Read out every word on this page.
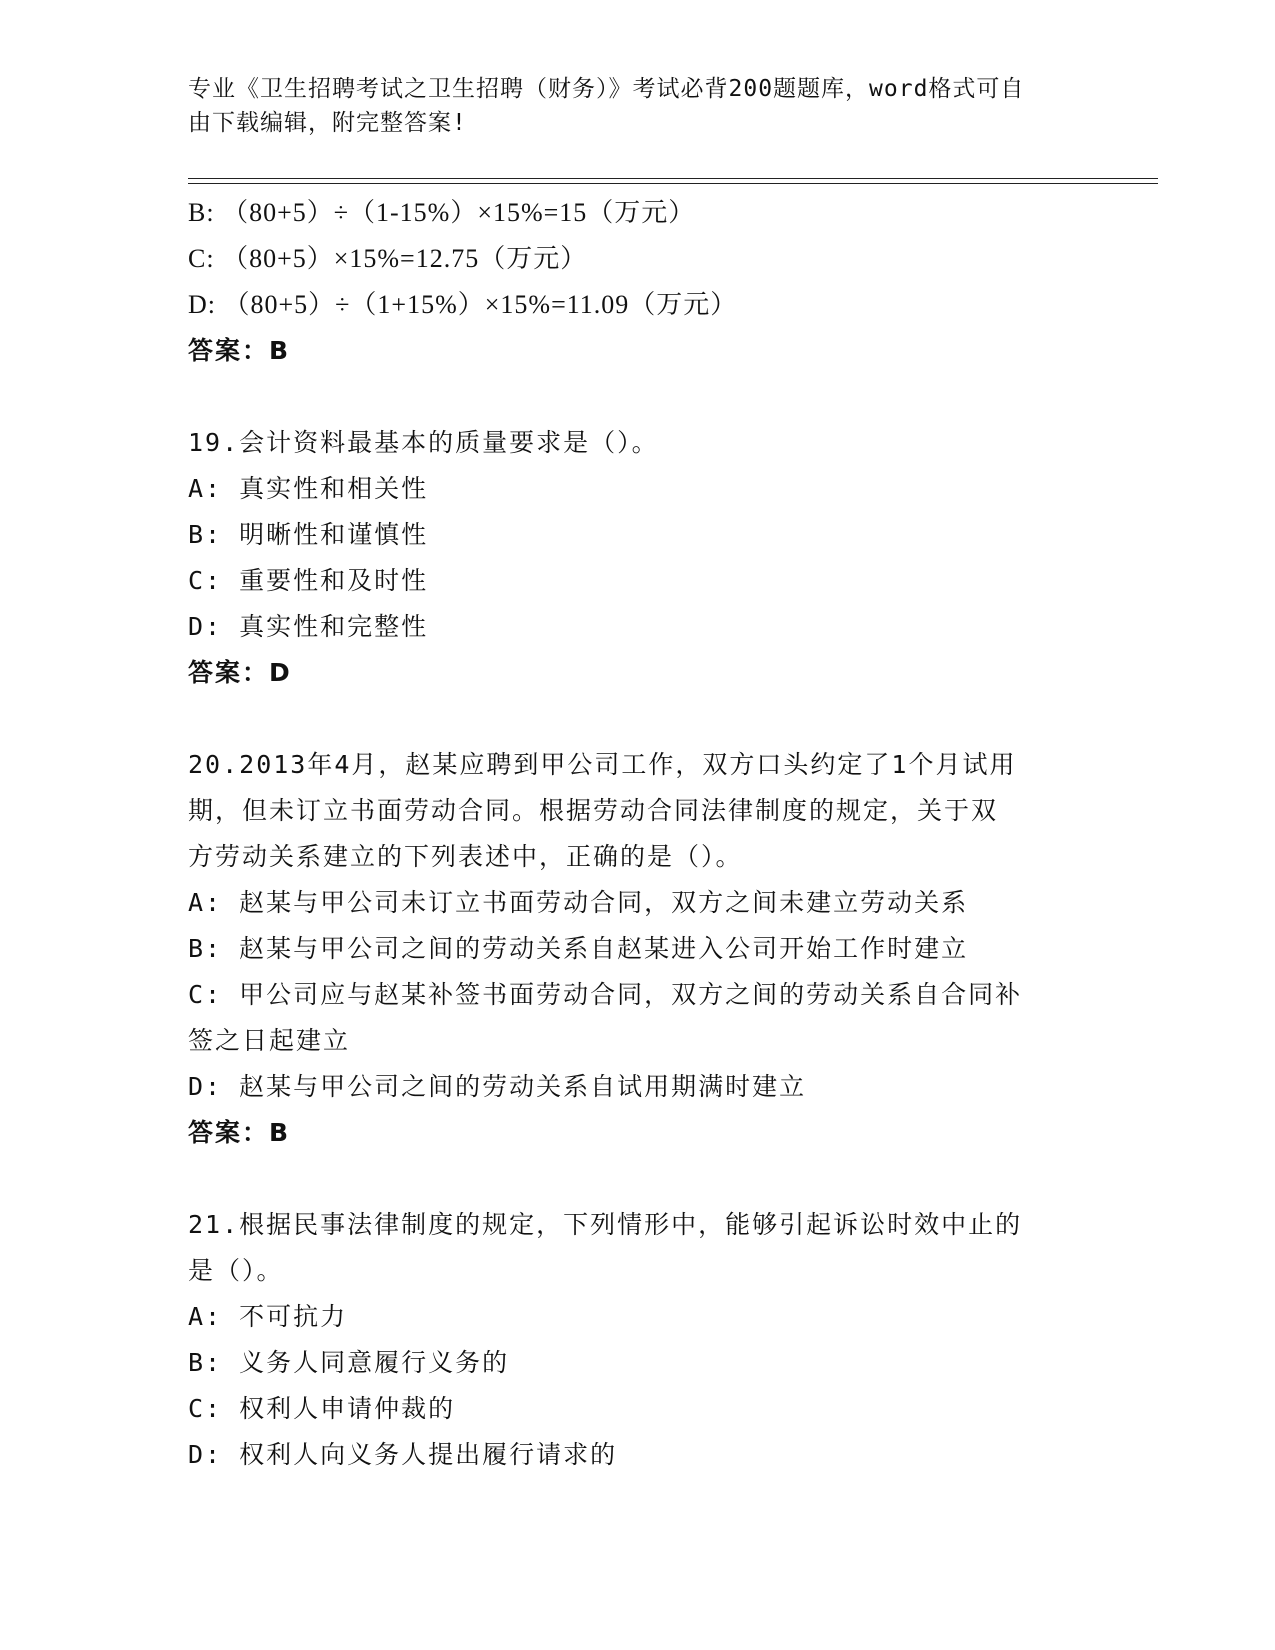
专业《卫生招聘考试之卫生招聘（财务）》考试必背200题题库，word格式可自
由下载编辑，附完整答案!
B: （80+5）÷（1-15%）×15%=15（万元）
C: （80+5）×15%=12.75（万元）
D: （80+5）÷（1+15%）×15%=11.09（万元）
答案：B
19.会计资料最基本的质量要求是（）。
A: 真实性和相关性
B: 明晰性和谨慎性
C: 重要性和及时性
D: 真实性和完整性
答案：D
20.2013年4月，赵某应聘到甲公司工作，双方口头约定了1个月试用
期，但未订立书面劳动合同。根据劳动合同法律制度的规定，关于双
方劳动关系建立的下列表述中，正确的是（）。
A: 赵某与甲公司未订立书面劳动合同，双方之间未建立劳动关系
B: 赵某与甲公司之间的劳动关系自赵某进入公司开始工作时建立
C: 甲公司应与赵某补签书面劳动合同，双方之间的劳动关系自合同补
签之日起建立
D: 赵某与甲公司之间的劳动关系自试用期满时建立
答案：B
21.根据民事法律制度的规定，下列情形中，能够引起诉讼时效中止的
是（）。
A: 不可抗力
B: 义务人同意履行义务的
C: 权利人申请仲裁的
D: 权利人向义务人提出履行请求的
